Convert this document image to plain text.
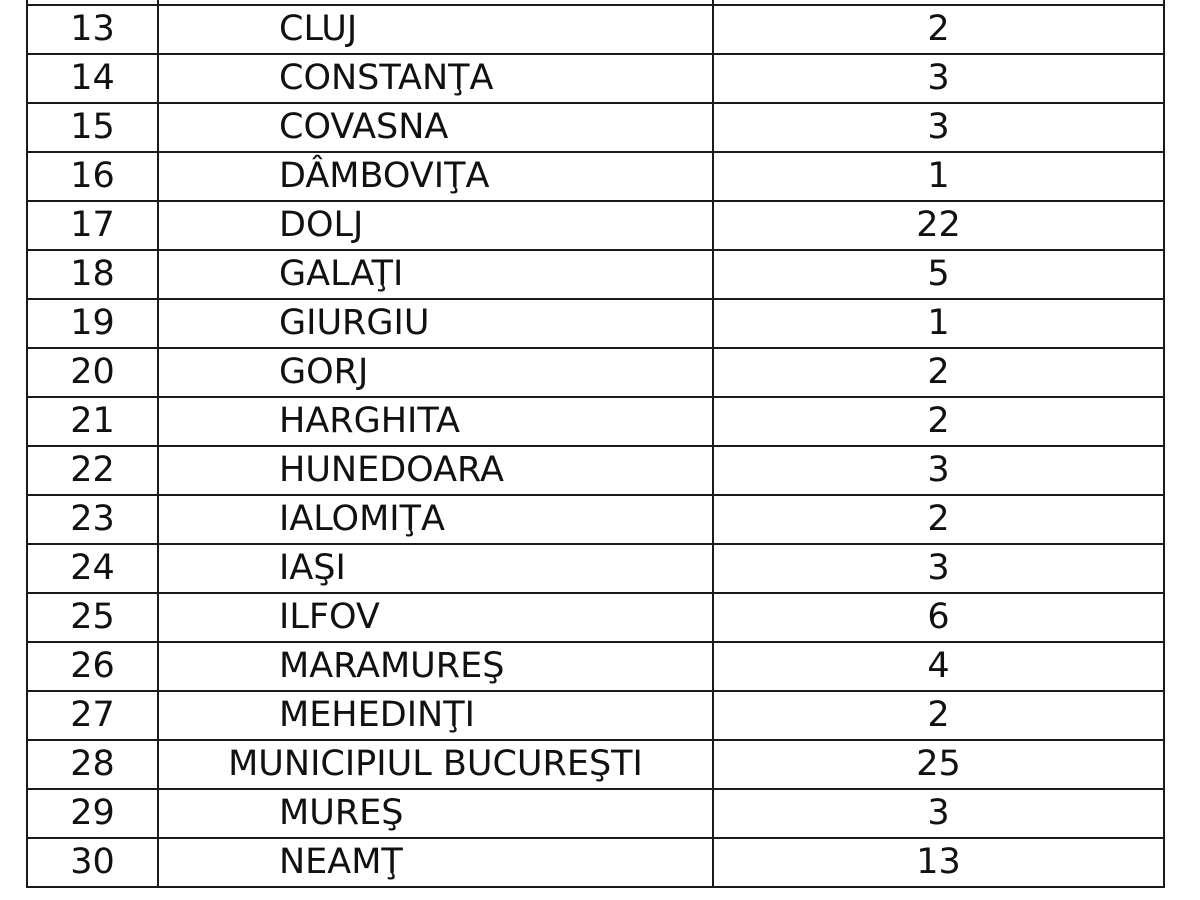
13	CLUJ	2
14	CONSTANŢA	3
15	COVASNA	3
16	DÂMBOVIŢA	1
17	DOLJ	22
18	GALAŢI	5
19	GIURGIU	1
20	GORJ	2
21	HARGHITA	2
22	HUNEDOARA	3
23	IALOMIŢA	2
24	IAŞI	3
25	ILFOV	6
26	MARAMUREŞ	4
27	MEHEDINŢI	2
28	MUNICIPIUL BUCUREŞTI	25
29	MUREŞ	3
30	NEAMŢ	13
